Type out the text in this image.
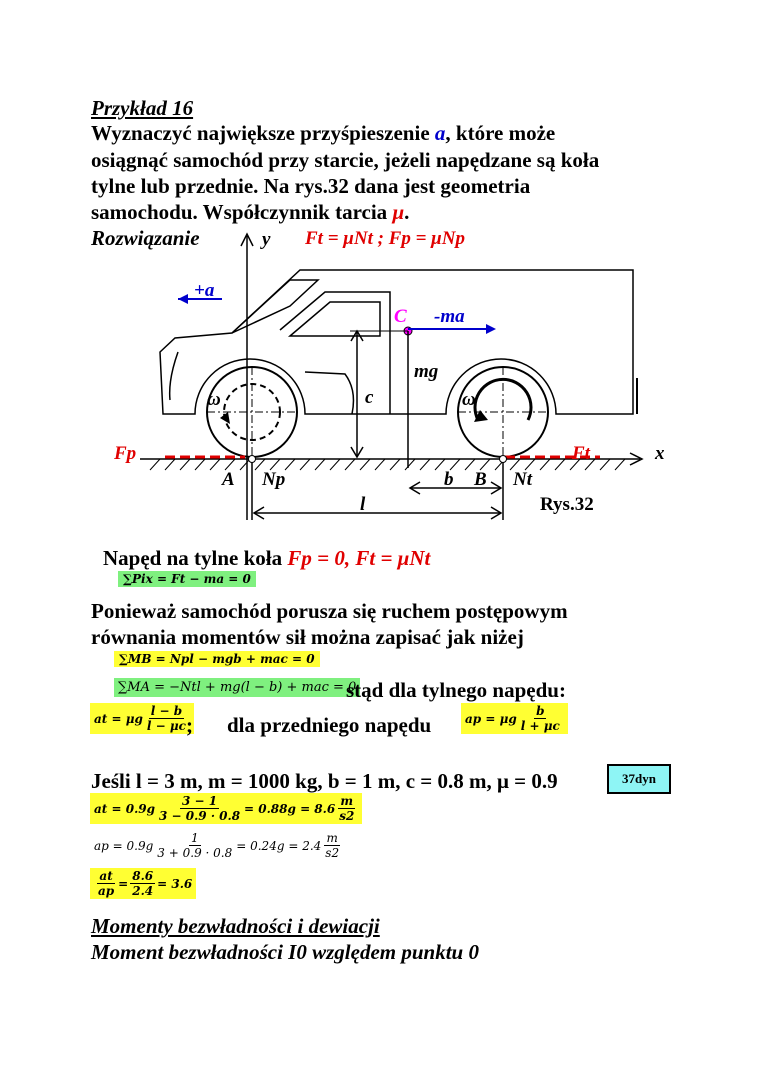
Przykład 16
Wyznaczyć największe przyśpieszenie a, które może
osiągnąć samochód przy starcie, jeżeli napędzane są koła
tylne lub przednie. Na rys.32 dana jest geometria
samochodu. Współczynnik tarcia μ.
Rozwiązanie	Ft = μNt ; Fp = μNp
y
ω	ω
x
Fp	Ft
A Np	B Nt
+a
C -ma
mg
c
b
l	Rys.32
Napęd na tylne koła Fp = 0, Ft = μNt
∑Pix = Ft − ma = 0
Ponieważ samochód porusza się ruchem postępowym
równania momentów sił można zapisać jak niżej
∑MB = Npl − mgb + mac = 0
∑MA = −Ntl + mg(l − b) + mac = 0
stąd dla tylnego napędu:
at = μg $\frac{l - b}{l - \mu c}$
; dla przedniego napędu	ap = μg $\frac{b}{l + \mu c}$
Jeśli l = 3 m, m = 1000 kg, b = 1 m, c = 0.8 m, μ = 0.9	37dyn
at = $0.9g \frac{3 - 1}{3 - 0.9 \cdot 0.8} = 0.88g = 8.6 \frac{m}{s2}$
ap = $0.9g \frac{1}{3 + 0.9 \cdot 0.8} = 0.24g = 2.4 \frac{m}{s2}$
$\frac{at}{ap} = \frac{8.6}{2.4} = 3.6$
Momenty bezwładności i dewiacji
Moment bezwładności I0 względem punktu 0
